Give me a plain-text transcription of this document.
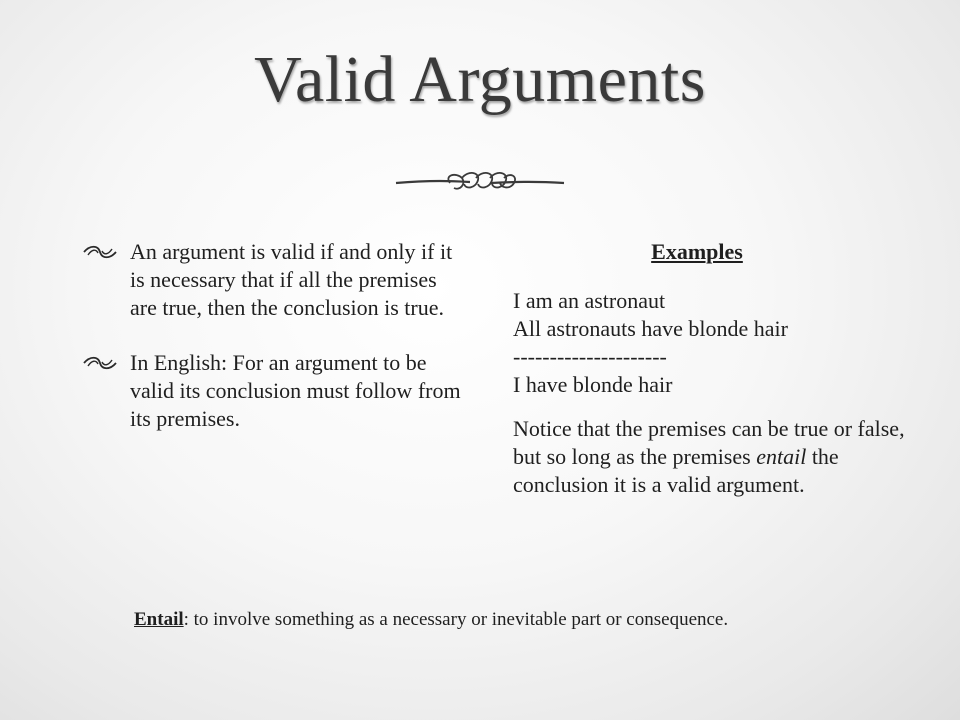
Valid Arguments
An argument is valid if and only if it is necessary that if all the premises are true, then the conclusion is true.
In English: For an argument to be valid its conclusion must follow from its premises.
Examples
I am an astronaut
All astronauts have blonde hair
---------------------
I have blonde hair
Notice that the premises can be true or false, but so long as the premises entail the conclusion it is a valid argument.
Entail: to involve something as a necessary or inevitable part or consequence.
